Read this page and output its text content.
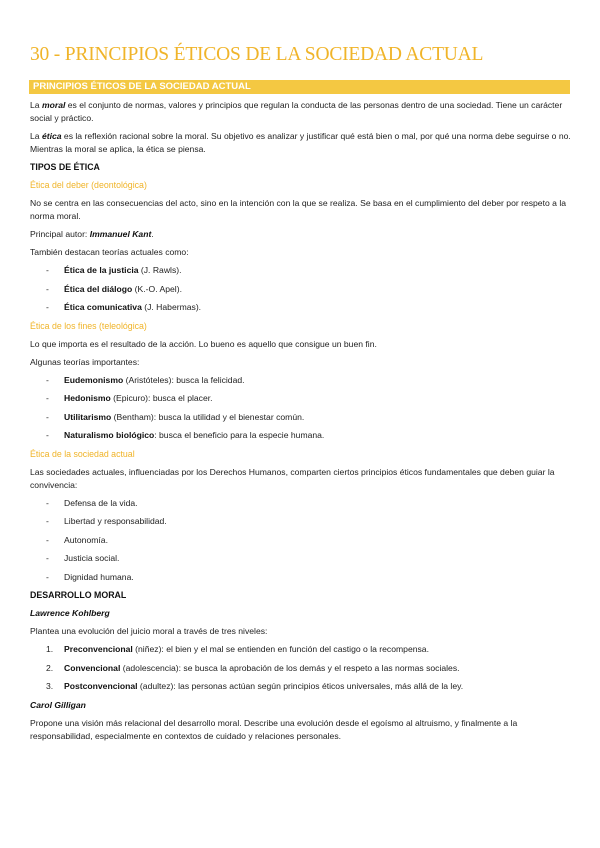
30 - PRINCIPIOS ÉTICOS DE LA SOCIEDAD ACTUAL
PRINCIPIOS ÉTICOS DE LA SOCIEDAD ACTUAL

La moral es el conjunto de normas, valores y principios que regulan la conducta de las personas dentro de una sociedad. Tiene un carácter social y práctico.

La ética es la reflexión racional sobre la moral. Su objetivo es analizar y justificar qué está bien o mal, por qué una norma debe seguirse o no. Mientras la moral se aplica, la ética se piensa.

TIPOS DE ÉTICA
Ética del deber (deontológica)

No se centra en las consecuencias del acto, sino en la intención con la que se realiza. Se basa en el cumplimiento del deber por respeto a la norma moral.

Principal autor: Immanuel Kant.

También destacan teorías actuales como:

- Ética de la justicia (J. Rawls).
- Ética del diálogo (K.-O. Apel).
- Ética comunicativa (J. Habermas).
Ética de los fines (teleológica)

Lo que importa es el resultado de la acción. Lo bueno es aquello que consigue un buen fin.

Algunas teorías importantes:

- Eudemonismo (Aristóteles): busca la felicidad.
- Hedonismo (Epicuro): busca el placer.
- Utilitarismo (Bentham): busca la utilidad y el bienestar común.
- Naturalismo biológico: busca el beneficio para la especie humana.
Ética de la sociedad actual

Las sociedades actuales, influenciadas por los Derechos Humanos, comparten ciertos principios éticos fundamentales que deben guiar la convivencia:

- Defensa de la vida.
- Libertad y responsabilidad.
- Autonomía.
- Justicia social.
- Dignidad humana.
DESARROLLO MORAL

Lawrence Kohlberg

Plantea una evolución del juicio moral a través de tres niveles:

1. Preconvencional (niñez): el bien y el mal se entienden en función del castigo o la recompensa.
2. Convencional (adolescencia): se busca la aprobación de los demás y el respeto a las normas sociales.
3. Postconvencional (adultez): las personas actúan según principios éticos universales, más allá de la ley.

Carol Gilligan

Propone una visión más relacional del desarrollo moral. Describe una evolución desde el egoísmo al altruismo, y finalmente a la responsabilidad, especialmente en contextos de cuidado y relaciones personales.
